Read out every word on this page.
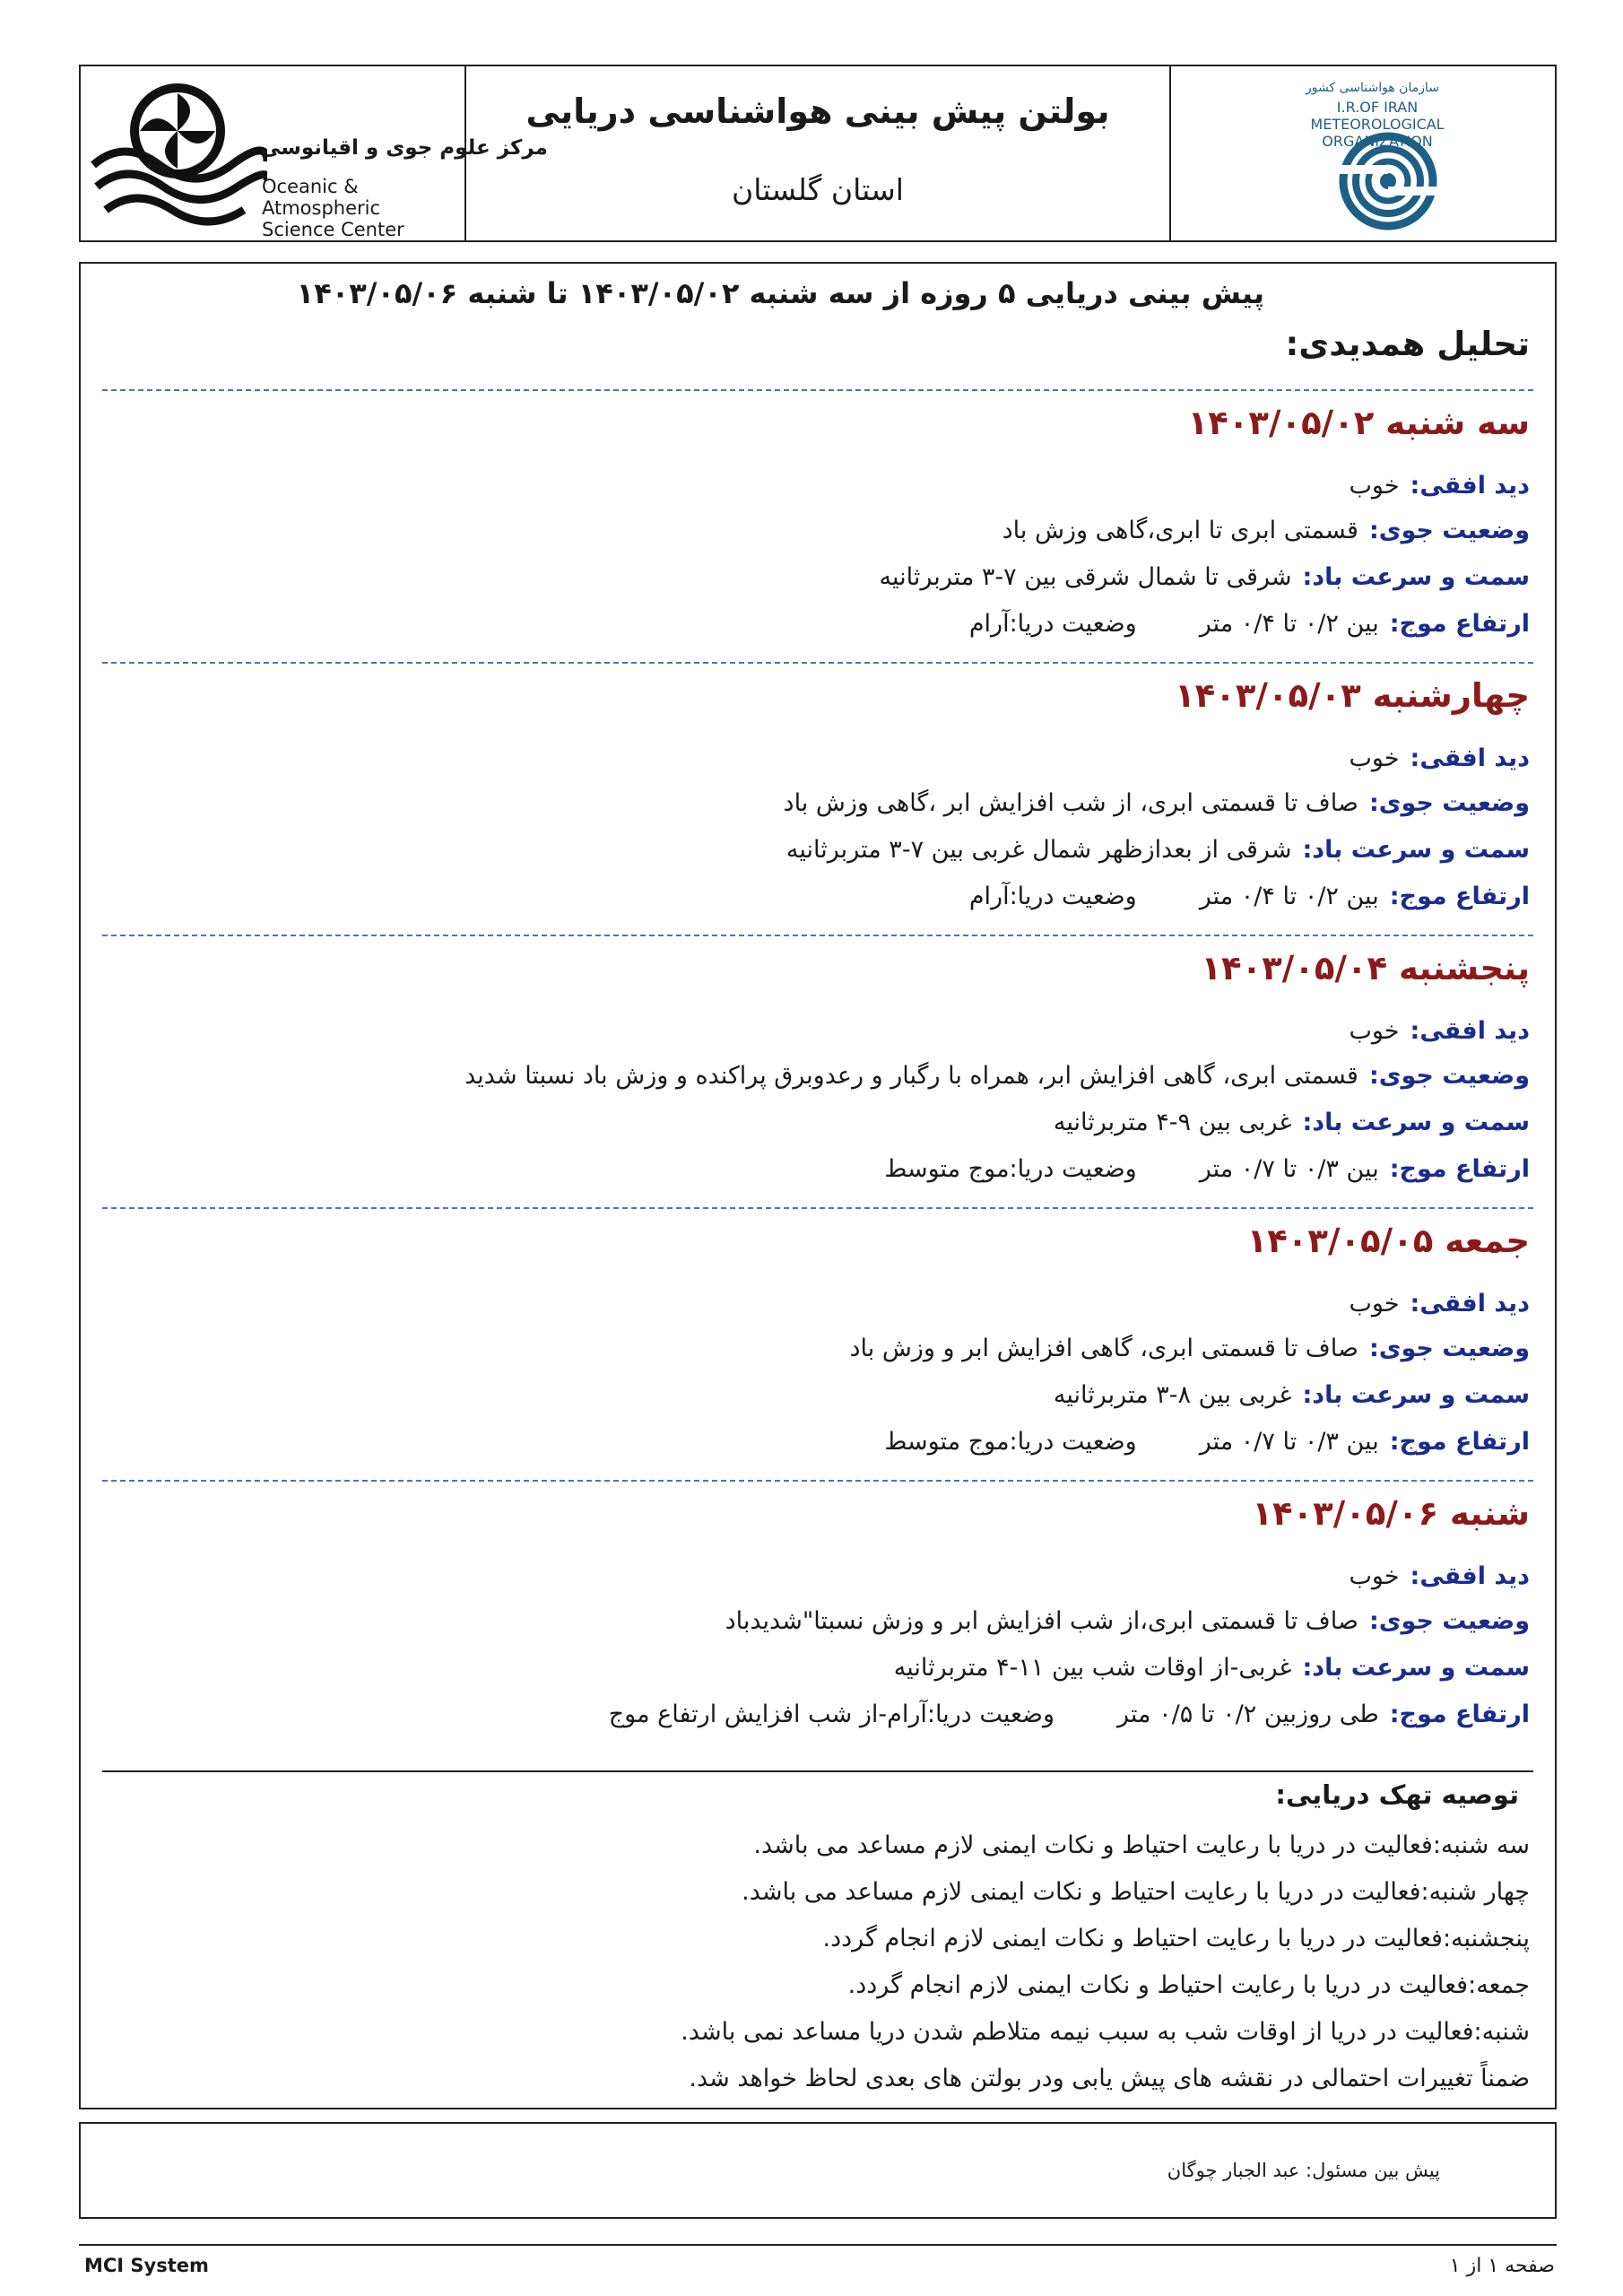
مرکز علوم جوی و اقیانوسی
Oceanic & Atmospheric
Science Center
بولتن پیش بینی هواشناسی دریایی
استان گلستان
سازمان هواشناسی کشور
I.R.OF IRAN
METEOROLOGICAL
ORGANIZATION
پیش بینی دریایی ۵ روزه از سه شنبه ۱۴۰۳/۰۵/۰۲ تا شنبه ۱۴۰۳/۰۵/۰۶
تحلیل همدیدی:
سه شنبه ۱۴۰۳/۰۵/۰۲
دید افقی:خوب
وضعیت جوی:قسمتی ابری تا ابری،گاهی وزش باد
سمت و سرعت باد:شرقی تا شمال شرقی بین ۷-۳ متربرثانیه
ارتفاع موج:بین ۰/۲ تا ۰/۴ متروضعیت دریا:آرام
چهارشنبه ۱۴۰۳/۰۵/۰۳
دید افقی:خوب
وضعیت جوی:صاف تا قسمتی ابری، از شب افزایش ابر ،گاهی وزش باد
سمت و سرعت باد:شرقی از بعدازظهر شمال غربی بین ۷-۳ متربرثانیه
ارتفاع موج:بین ۰/۲ تا ۰/۴ متروضعیت دریا:آرام
پنجشنبه ۱۴۰۳/۰۵/۰۴
دید افقی:خوب
وضعیت جوی:قسمتی ابری، گاهی افزایش ابر، همراه با رگبار و رعدوبرق پراکنده و وزش باد نسبتا شدید
سمت و سرعت باد:غربی بین ۹-۴ متربرثانیه
ارتفاع موج:بین ۰/۳ تا ۰/۷ متروضعیت دریا:موج متوسط
جمعه ۱۴۰۳/۰۵/۰۵
دید افقی:خوب
وضعیت جوی:صاف تا قسمتی ابری، گاهی افزایش ابر و وزش باد
سمت و سرعت باد:غربی بین ۸-۳ متربرثانیه
ارتفاع موج:بین ۰/۳ تا ۰/۷ متروضعیت دریا:موج متوسط
شنبه ۱۴۰۳/۰۵/۰۶
دید افقی:خوب
وضعیت جوی:صاف تا قسمتی ابری،از شب افزایش ابر و وزش نسبتا"شدیدباد
سمت و سرعت باد:غربی-از اوقات شب بین ۱۱-۴ متربرثانیه
ارتفاع موج:طی روزبین ۰/۲ تا ۰/۵ متروضعیت دریا:آرام-از شب افزایش ارتفاع موج
توصیه تهک دریایی:
سه شنبه:فعالیت در دریا با رعایت احتیاط و نکات ایمنی لازم مساعد می باشد.
چهار شنبه:فعالیت در دریا با رعایت احتیاط و نکات ایمنی لازم مساعد می باشد.
پنجشنبه:فعالیت در دریا با رعایت احتیاط و نکات ایمنی لازم انجام گردد.
جمعه:فعالیت در دریا با رعایت احتیاط و نکات ایمنی لازم انجام گردد.
شنبه:فعالیت در دریا از اوقات شب به سبب نیمه متلاطم شدن دریا مساعد نمی باشد.
ضمناً تغییرات احتمالی در نقشه های پیش یابی ودر بولتن های بعدی لحاظ خواهد شد.
پیش بین مسئول: عبد الجبار چوگان
MCI System	صفحه ۱ از ۱
